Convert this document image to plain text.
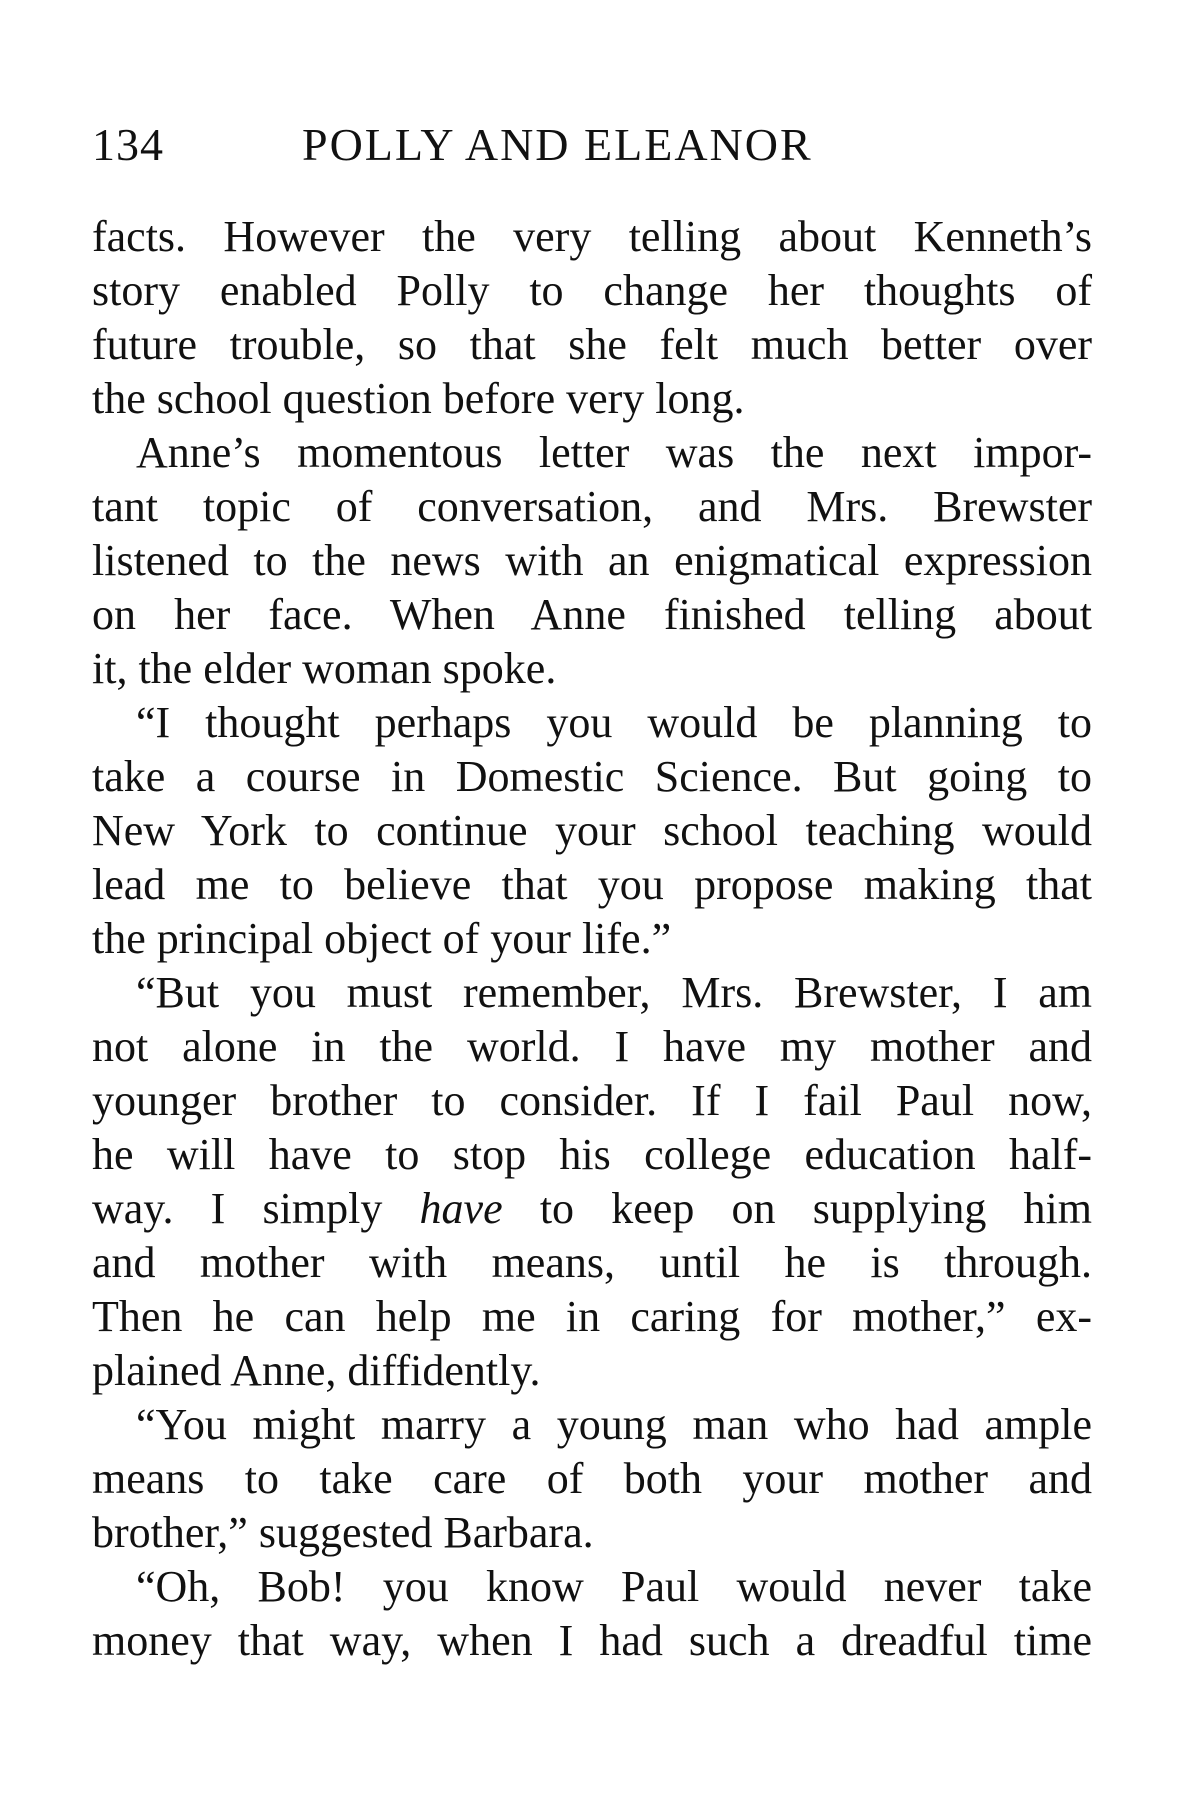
134	POLLY AND ELEANOR
facts. However the very telling about Kenneth’s
story enabled Polly to change her thoughts of
future trouble, so that she felt much better over
the school question before very long.
Anne’s momentous letter was the next impor-
tant topic of conversation, and Mrs. Brewster
listened to the news with an enigmatical expression
on her face. When Anne finished telling about
it, the elder woman spoke.
“I thought perhaps you would be planning to
take a course in Domestic Science. But going to
New York to continue your school teaching would
lead me to believe that you propose making that
the principal object of your life.”
“But you must remember, Mrs. Brewster, I am
not alone in the world. I have my mother and
younger brother to consider. If I fail Paul now,
he will have to stop his college education half-
way. I simply have to keep on supplying him
and mother with means, until he is through.
Then he can help me in caring for mother,” ex-
plained Anne, diffidently.
“You might marry a young man who had ample
means to take care of both your mother and
brother,” suggested Barbara.
“Oh, Bob! you know Paul would never take
money that way, when I had such a dreadful time
